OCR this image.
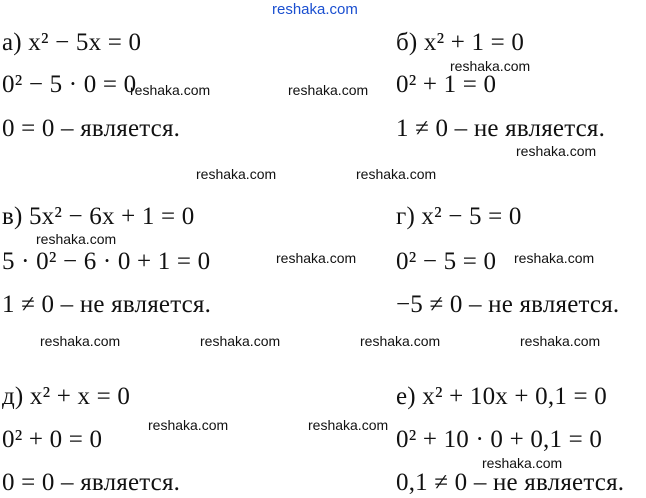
reshaka.com
а) x² − 5x = 0
0² − 5 · 0 = 0
0 = 0 – является.
б) x² + 1 = 0
0² + 1 = 0
1 ≠ 0 – не является.
в) 5x² − 6x + 1 = 0
5 · 0² − 6 · 0 + 1 = 0
1 ≠ 0 – не является.
г) x² − 5 = 0
0² − 5 = 0
−5 ≠ 0 – не является.
д) x² + x = 0
0² + 0 = 0
0 = 0 – является.
е) x² + 10x + 0,1 = 0
0² + 10 · 0 + 0,1 = 0
0,1 ≠ 0 – не является.
reshaka.com	reshaka.com
reshaka.com
reshaka.com
reshaka.com	reshaka.com
reshaka.com
reshaka.com	reshaka.com
reshaka.com	reshaka.com	reshaka.com	reshaka.com
reshaka.com	reshaka.com
reshaka.com
